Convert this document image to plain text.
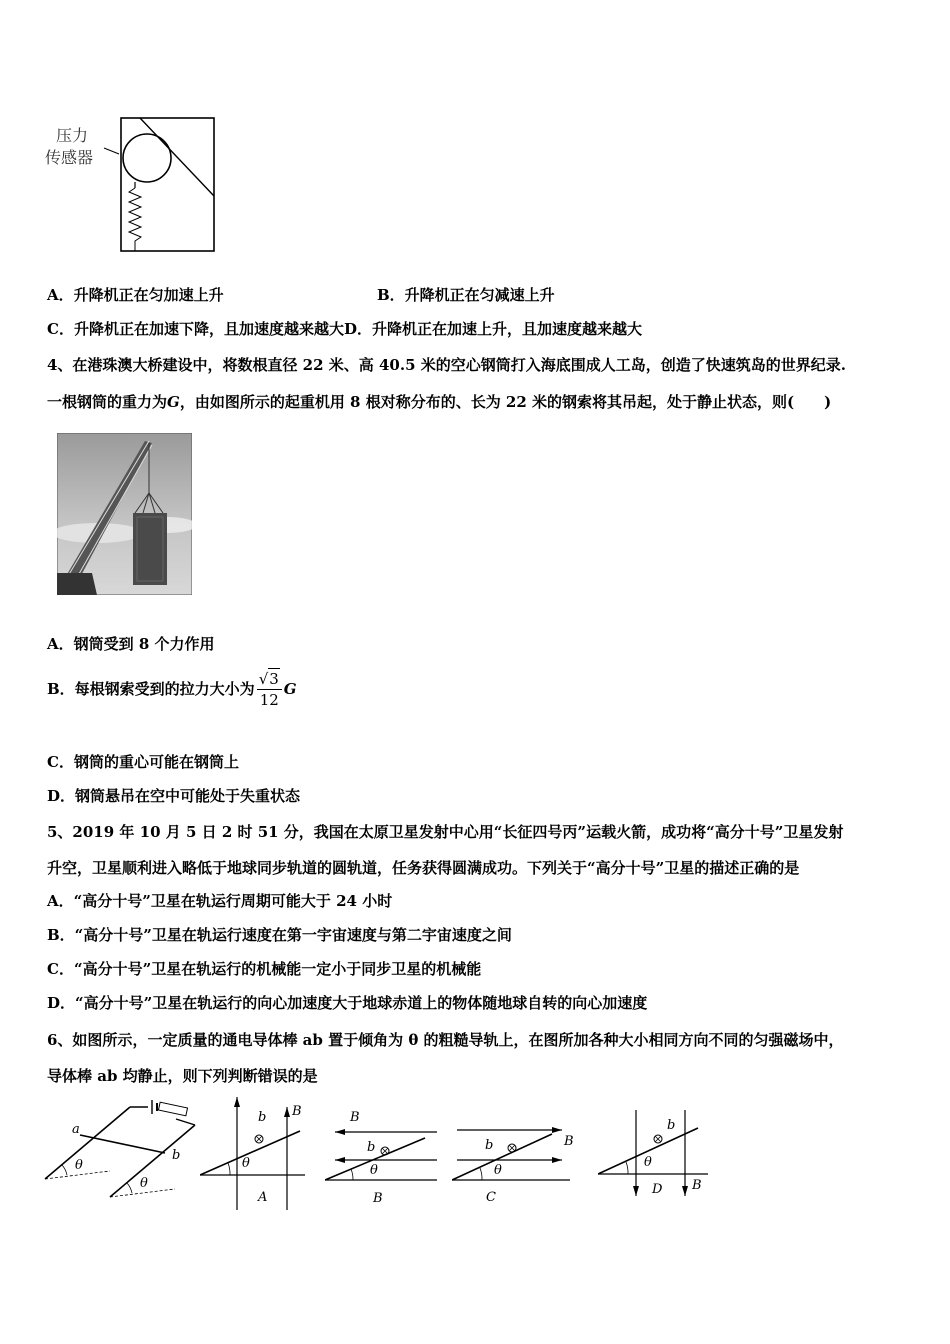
压力
传感器
A．升降机正在匀加速上升	B．升降机正在匀减速上升
C．升降机正在加速下降，且加速度越来越大D．升降机正在加速上升，且加速度越来越大
4、在港珠澳大桥建设中，将数根直径 22 米、高 40.5 米的空心钢筒打入海底围成人工岛，创造了快速筑岛的世界纪录.
一根钢筒的重力为G，由如图所示的起重机用 8 根对称分布的、长为 22 米的钢索将其吊起，处于静止状态，则(　　)
A．钢筒受到 8 个力作用
B．每根钢索受到的拉力大小为 $\frac{√3}{12}$ G
C．钢筒的重心可能在钢筒上
D．钢筒悬吊在空中可能处于失重状态
5、2019 年 10 月 5 日 2 时 51 分，我国在太原卫星发射中心用“长征四号丙”运载火箭，成功将“高分十号”卫星发射
升空，卫星顺利进入略低于地球同步轨道的圆轨道，任务获得圆满成功。下列关于“高分十号”卫星的描述正确的是
A．“高分十号”卫星在轨运行周期可能大于 24 小时
B．“高分十号”卫星在轨运行速度在第一宇宙速度与第二宇宙速度之间
C．“高分十号”卫星在轨运行的机械能一定小于同步卫星的机械能
D．“高分十号”卫星在轨运行的向心加速度大于地球赤道上的物体随地球自转的向心加速度
6、如图所示，一定质量的通电导体棒 ab 置于倾角为 θ 的粗糙导轨上，在图所加各种大小相同方向不同的匀强磁场中，
导体棒 ab 均静止，则下列判断错误的是
a
b
θ
θ
b B
θ
A
B
b
θ
B
b	B
θ
C
b
θ
D B
